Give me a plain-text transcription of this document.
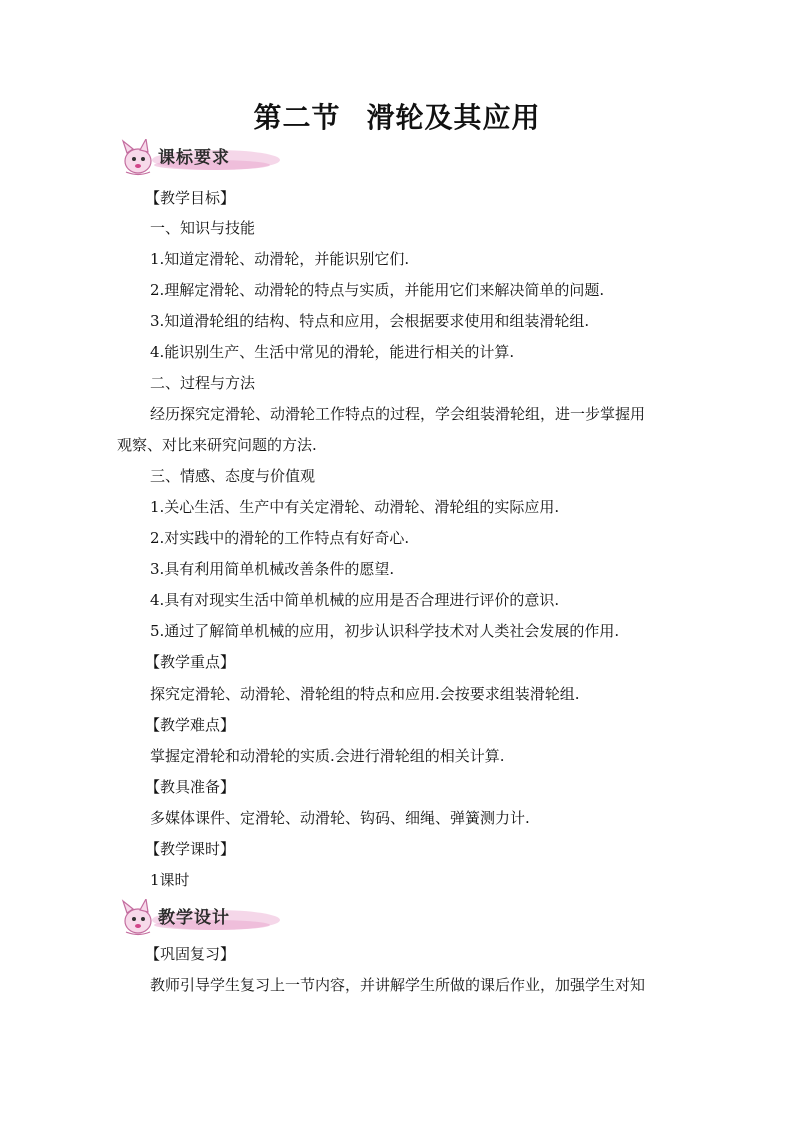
第二节 滑轮及其应用
课标要求
【教学目标】
一、知识与技能
1.知道定滑轮、动滑轮，并能识别它们.
2.理解定滑轮、动滑轮的特点与实质，并能用它们来解决简单的问题.
3.知道滑轮组的结构、特点和应用，会根据要求使用和组装滑轮组.
4.能识别生产、生活中常见的滑轮，能进行相关的计算.
二、过程与方法
经历探究定滑轮、动滑轮工作特点的过程，学会组装滑轮组，进一步掌握用观察、对比来研究问题的方法.
三、情感、态度与价值观
1.关心生活、生产中有关定滑轮、动滑轮、滑轮组的实际应用.
2.对实践中的滑轮的工作特点有好奇心.
3.具有利用简单机械改善条件的愿望.
4.具有对现实生活中简单机械的应用是否合理进行评价的意识.
5.通过了解简单机械的应用，初步认识科学技术对人类社会发展的作用.
【教学重点】
探究定滑轮、动滑轮、滑轮组的特点和应用.会按要求组装滑轮组.
【教学难点】
掌握定滑轮和动滑轮的实质.会进行滑轮组的相关计算.
【教具准备】
多媒体课件、定滑轮、动滑轮、钩码、细绳、弹簧测力计.
【教学课时】
1课时
教学设计
【巩固复习】
教师引导学生复习上一节内容，并讲解学生所做的课后作业，加强学生对知
